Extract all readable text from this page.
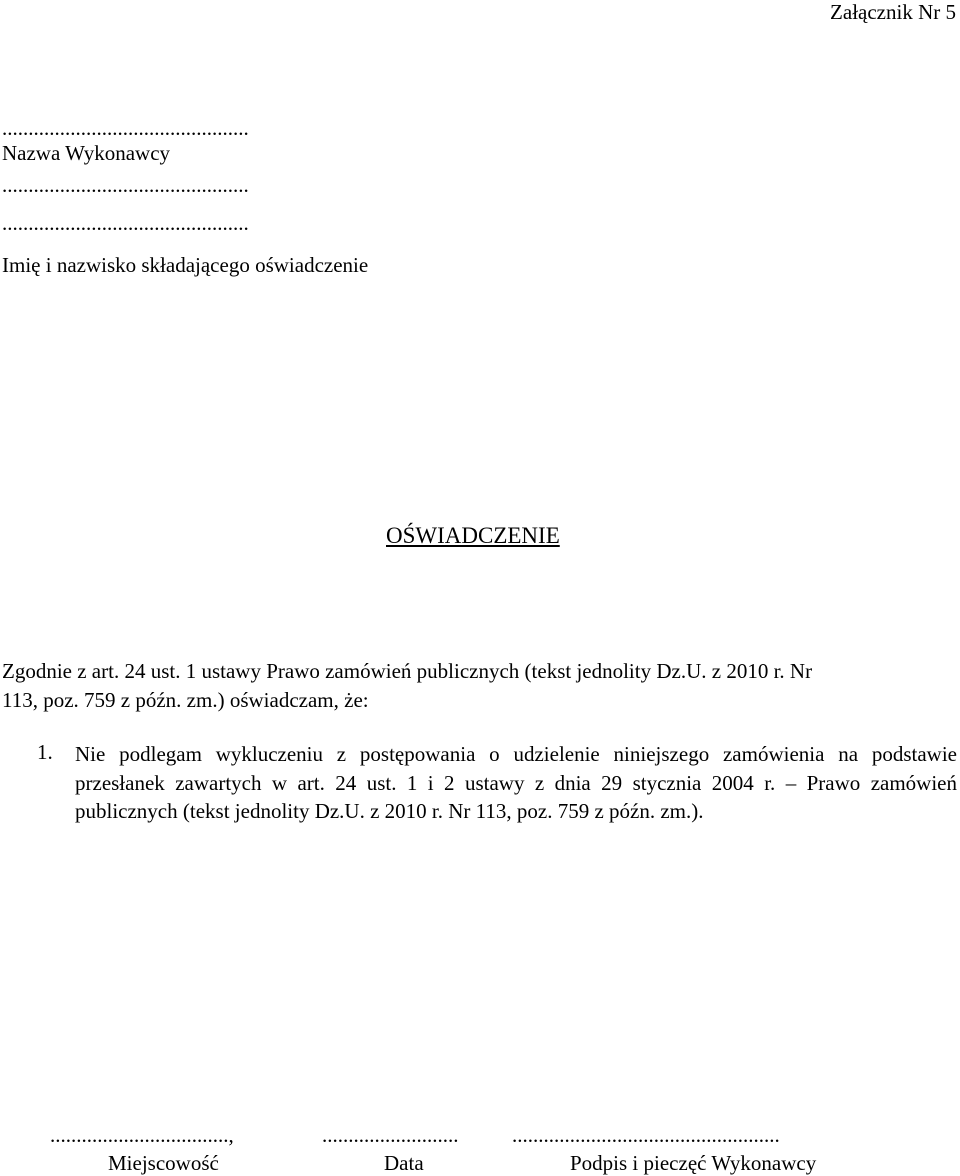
Załącznik Nr 5

...............................................

Nazwa Wykonawcy

...............................................

...............................................

Imię i nazwisko składającego oświadczenie

OŚWIADCZENIE

Zgodnie z art. 24 ust. 1 ustawy Prawo zamówień publicznych (tekst jednolity Dz.U. z 2010 r. Nr

113, poz. 759 z późn. zm.) oświadczam, że:

1. Nie podlegam wykluczeniu z postępowania o udzielenie niniejszego zamówienia na podstawie przesłanek zawartych w art. 24 ust. 1 i 2 ustawy z dnia 29 stycznia 2004 r. – Prawo zamówień publicznych (tekst jednolity Dz.U. z 2010 r. Nr 113, poz. 759 z późn. zm.).
..................................,	..........................	...................................................
Miejscowość	Data	Podpis i pieczęć Wykonawcy
